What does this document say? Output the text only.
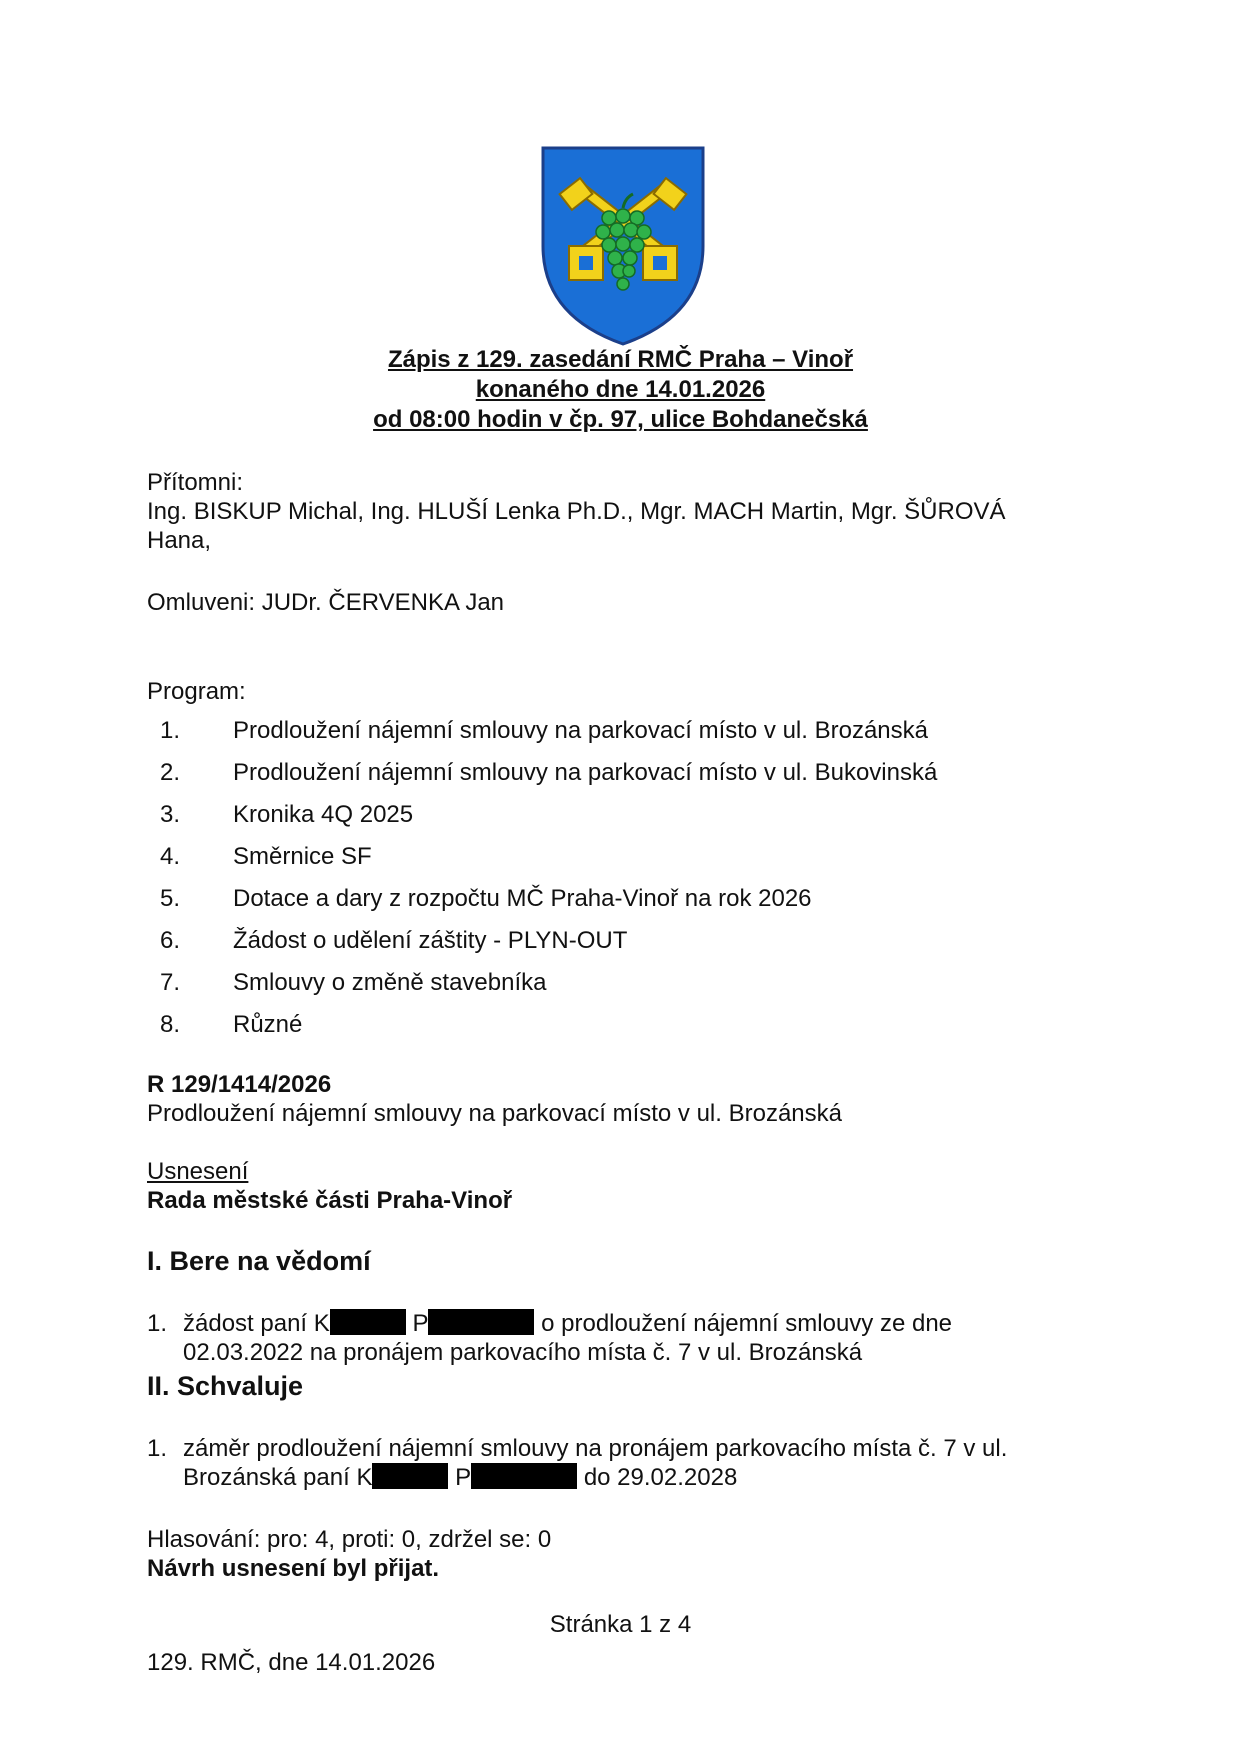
Zápis z 129. zasedání RMČ Praha – Vinoř
konaného dne 14.01.2026
od 08:00 hodin v čp. 97, ulice Bohdanečská
Přítomni:
Ing. BISKUP Michal, Ing. HLUŠÍ Lenka Ph.D., Mgr. MACH Martin, Mgr. ŠŮROVÁ
Hana,
Omluveni: JUDr. ČERVENKA Jan
Program:
1. Prodloužení nájemní smlouvy na parkovací místo v ul. Brozánská
2. Prodloužení nájemní smlouvy na parkovací místo v ul. Bukovinská
3. Kronika 4Q 2025
4. Směrnice SF
5. Dotace a dary z rozpočtu MČ Praha-Vinoř na rok 2026
6. Žádost o udělení záštity - PLYN-OUT
7. Smlouvy o změně stavebníka
8. Různé
R 129/1414/2026
Prodloužení nájemní smlouvy na parkovací místo v ul. Brozánská
Usnesení
Rada městské části Praha-Vinoř
I. Bere na vědomí
1. žádost paní K	P	o prodloužení nájemní smlouvy ze dne
02.03.2022 na pronájem parkovacího místa č. 7 v ul. Brozánská
II. Schvaluje
1. záměr prodloužení nájemní smlouvy na pronájem parkovacího místa č. 7 v ul.
Brozánská paní K	P	do 29.02.2028
Hlasování: pro: 4, proti: 0, zdržel se: 0
Návrh usnesení byl přijat.
Stránka 1 z 4
129. RMČ, dne 14.01.2026
